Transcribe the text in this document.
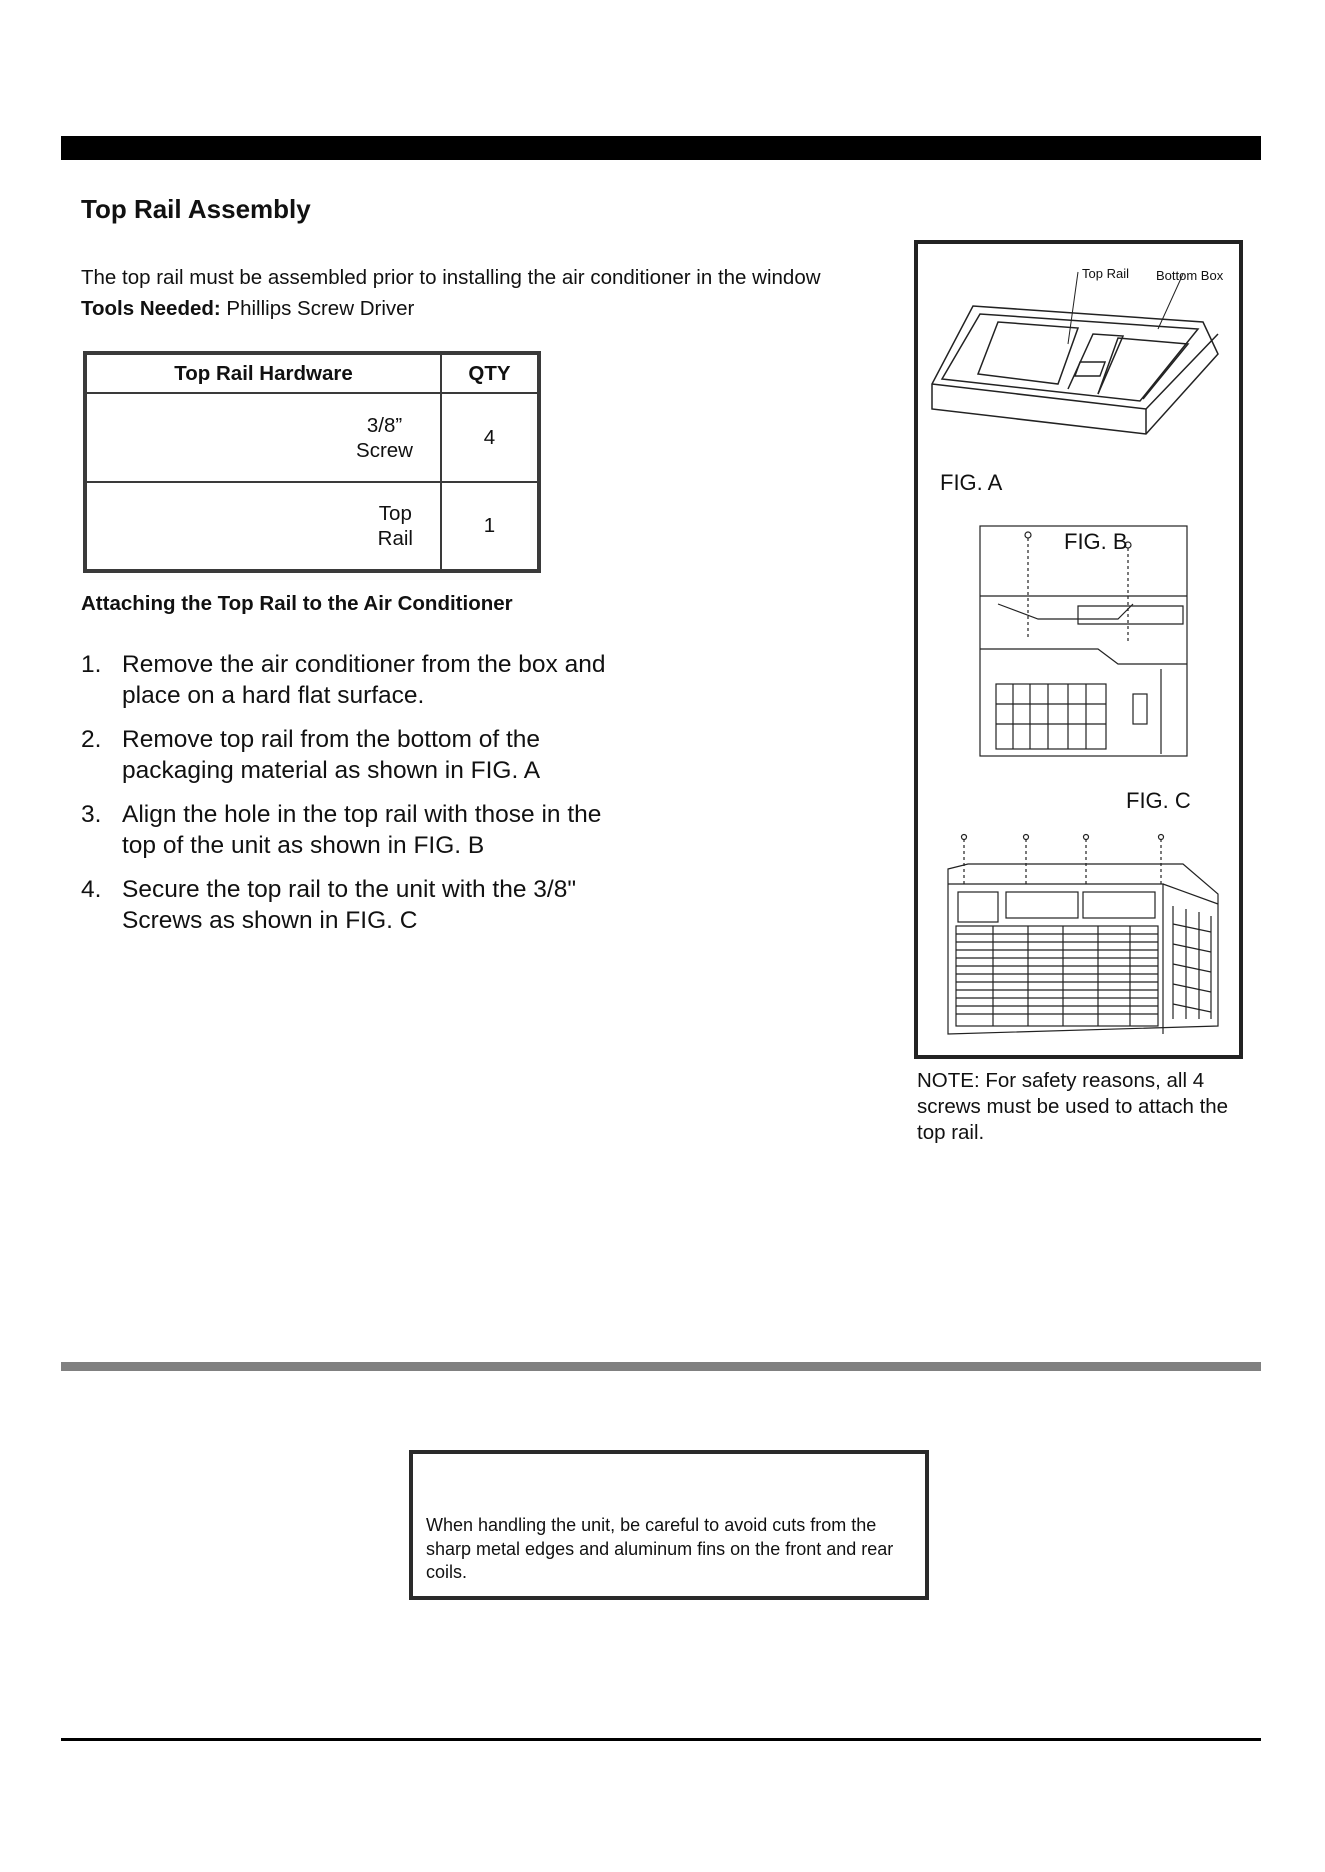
Top Rail Assembly
The top rail must be assembled prior to installing the air conditioner in the window
Tools Needed: Phillips Screw Driver
Top Rail Hardware	QTY
3/8”
Screw	4
Top
Rail	1
Attaching the Top Rail to the Air Conditioner
1. Remove the air conditioner from the box and place on a hard flat surface.
2. Remove top rail from the bottom of the packaging material as shown in FIG. A
3. Align the hole in the top rail with those in the top of the unit as shown in FIG. B
4. Secure the top rail to the unit with the 3/8" Screws as shown in FIG. C
Top Rail Bottom Box
FIG. A
FIG. B
FIG. C
NOTE: For safety reasons, all 4 screws must be used to attach the top rail.
When handling the unit, be careful to avoid cuts from the sharp metal edges and aluminum fins on the front and rear coils.
